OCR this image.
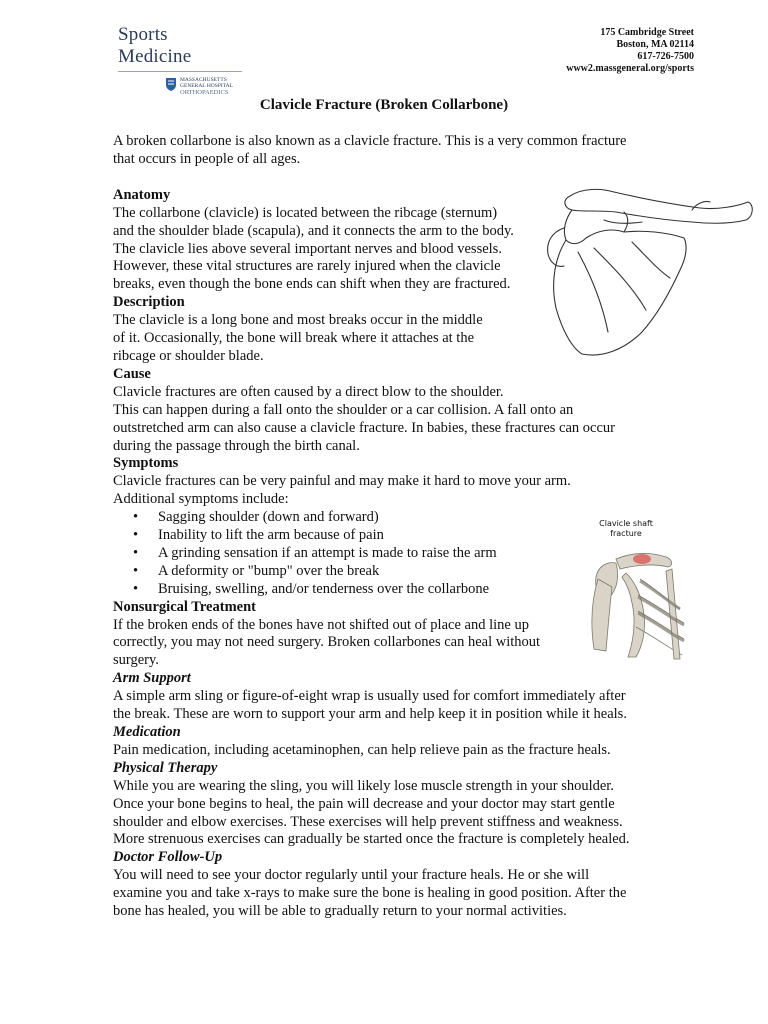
Sports Medicine
MASSACHUSETTS
GENERAL HOSPITAL
ORTHOPAEDICS
175 Cambridge Street
Boston, MA 02114
617-726-7500
www2.massgeneral.org/sports
Clavicle Fracture (Broken Collarbone)

A broken collarbone is also known as a clavicle fracture. This is a very common fracture

that occurs in people of all ages.

Anatomy

The collarbone (clavicle) is located between the ribcage (sternum)

and the shoulder blade (scapula), and it connects the arm to the body.

The clavicle lies above several important nerves and blood vessels.

However, these vital structures are rarely injured when the clavicle

breaks, even though the bone ends can shift when they are fractured.

Description

The clavicle is a long bone and most breaks occur in the middle

of it. Occasionally, the bone will break where it attaches at the

ribcage or shoulder blade.

Cause

Clavicle fractures are often caused by a direct blow to the shoulder.

This can happen during a fall onto the shoulder or a car collision. A fall onto an

outstretched arm can also cause a clavicle fracture. In babies, these fractures can occur

during the passage through the birth canal.

Symptoms

Clavicle fractures can be very painful and may make it hard to move your arm.

Additional symptoms include:

• Sagging shoulder (down and forward)
• Inability to lift the arm because of pain
• A grinding sensation if an attempt is made to raise the arm
• A deformity or "bump" over the break
• Bruising, swelling, and/or tenderness over the collarbone

Nonsurgical Treatment

If the broken ends of the bones have not shifted out of place and line up

correctly, you may not need surgery. Broken collarbones can heal without

surgery.

Arm Support

A simple arm sling or figure-of-eight wrap is usually used for comfort immediately after

the break. These are worn to support your arm and help keep it in position while it heals.

Medication

Pain medication, including acetaminophen, can help relieve pain as the fracture heals.

Physical Therapy

While you are wearing the sling, you will likely lose muscle strength in your shoulder.

Once your bone begins to heal, the pain will decrease and your doctor may start gentle

shoulder and elbow exercises. These exercises will help prevent stiffness and weakness.

More strenuous exercises can gradually be started once the fracture is completely healed.

Doctor Follow-Up

You will need to see your doctor regularly until your fracture heals. He or she will

examine you and take x-rays to make sure the bone is healing in good position. After the

bone has healed, you will be able to gradually return to your normal activities.

Clavicle shaft
fracture
